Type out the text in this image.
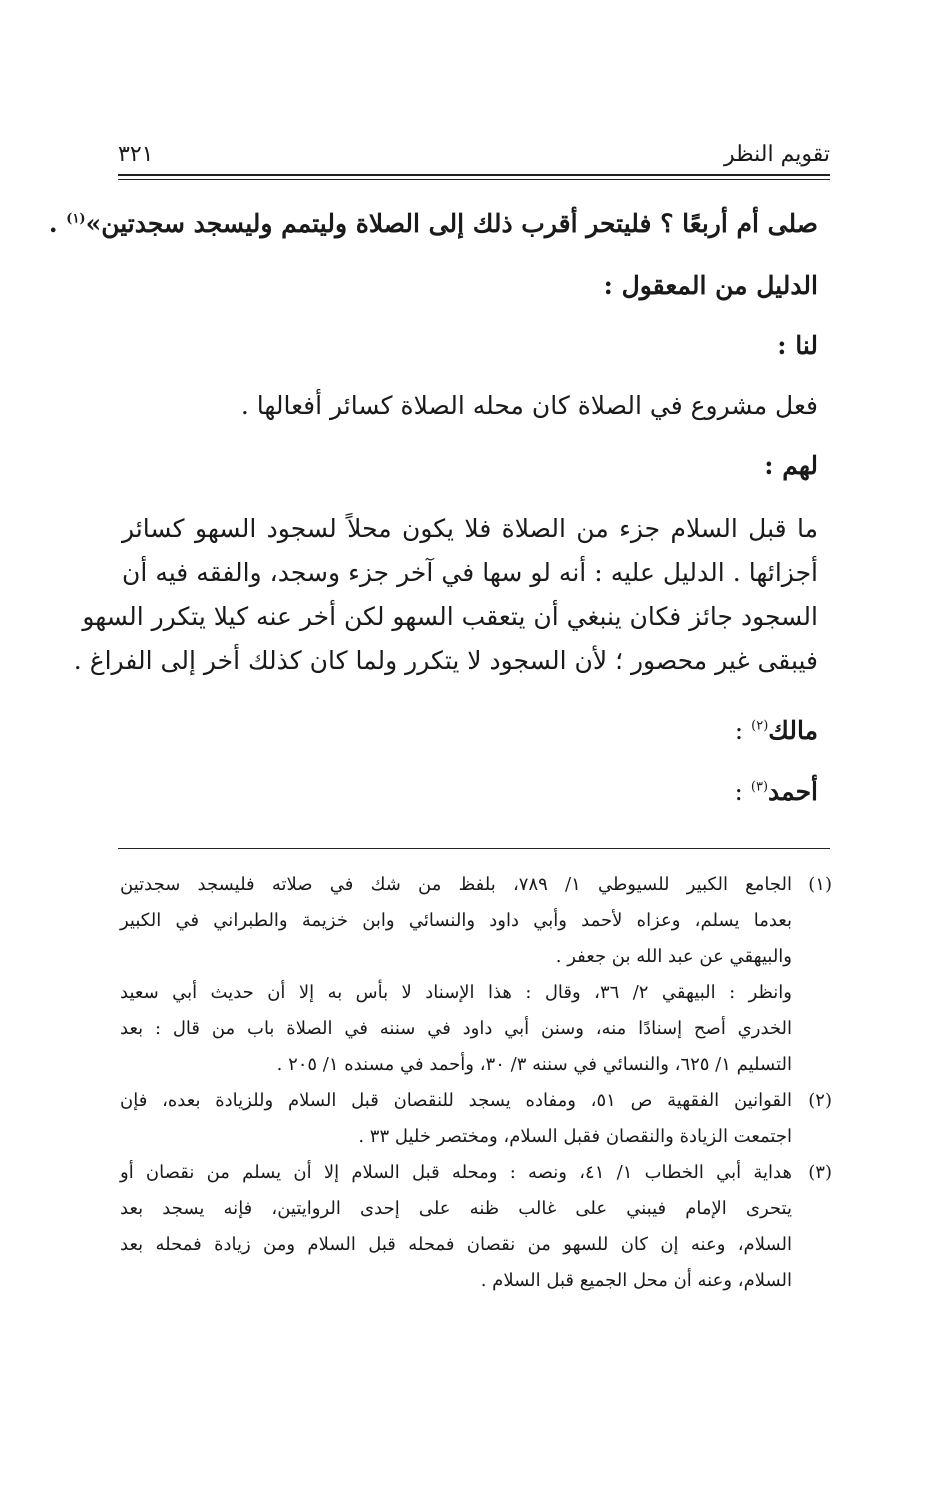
تقويم النظر
٣٢١
صلى أم أربعًا ؟ فليتحر أقرب ذلك إلى الصلاة وليتمم وليسجد سجدتين»$^{(١)}$ .
الدليل من المعقول :
لنا :
فعل مشروع في الصلاة كان محله الصلاة كسائر أفعالها .
لهم :
ما قبل السلام جزء من الصلاة فلا يكون محلاً لسجود السهو كسائر
أجزائها . الدليل عليه : أنه لو سها في آخر جزء وسجد، والفقه فيه أن
السجود جائز فكان ينبغي أن يتعقب السهو لكن أخر عنه كيلا يتكرر السهو
فيبقى غير محصور ؛ لأن السجود لا يتكرر ولما كان كذلك أخر إلى الفراغ .
مالك$^{(٢)}$ :
أحمد$^{(٣)}$ :
(١)
الجامع الكبير للسيوطي ١/ ٧٨٩، بلفظ من شك في صلاته فليسجد سجدتين
بعدما يسلم، وعزاه لأحمد وأبي داود والنسائي وابن خزيمة والطبراني في الكبير
والبيهقي عن عبد الله بن جعفر .
وانظر : البيهقي ٢/ ٣٦، وقال : هذا الإسناد لا بأس به إلا أن حديث أبي سعيد
الخدري أصح إسنادًا منه، وسنن أبي داود في سننه في الصلاة باب من قال : بعد
التسليم ١/ ٦٢٥، والنسائي في سننه ٣/ ٣٠، وأحمد في مسنده ١/ ٢٠٥ .
(٢)
القوانين الفقهية ص ٥١، ومفاده يسجد للنقصان قبل السلام وللزيادة بعده، فإن
اجتمعت الزيادة والنقصان فقبل السلام، ومختصر خليل ٣٣ .
(٣)
هداية أبي الخطاب ١/ ٤١، ونصه : ومحله قبل السلام إلا أن يسلم من نقصان أو
يتحرى الإمام فيبني على غالب ظنه على إحدى الروايتين، فإنه يسجد بعد
السلام، وعنه إن كان للسهو من نقصان فمحله قبل السلام ومن زيادة فمحله بعد
السلام، وعنه أن محل الجميع قبل السلام .
